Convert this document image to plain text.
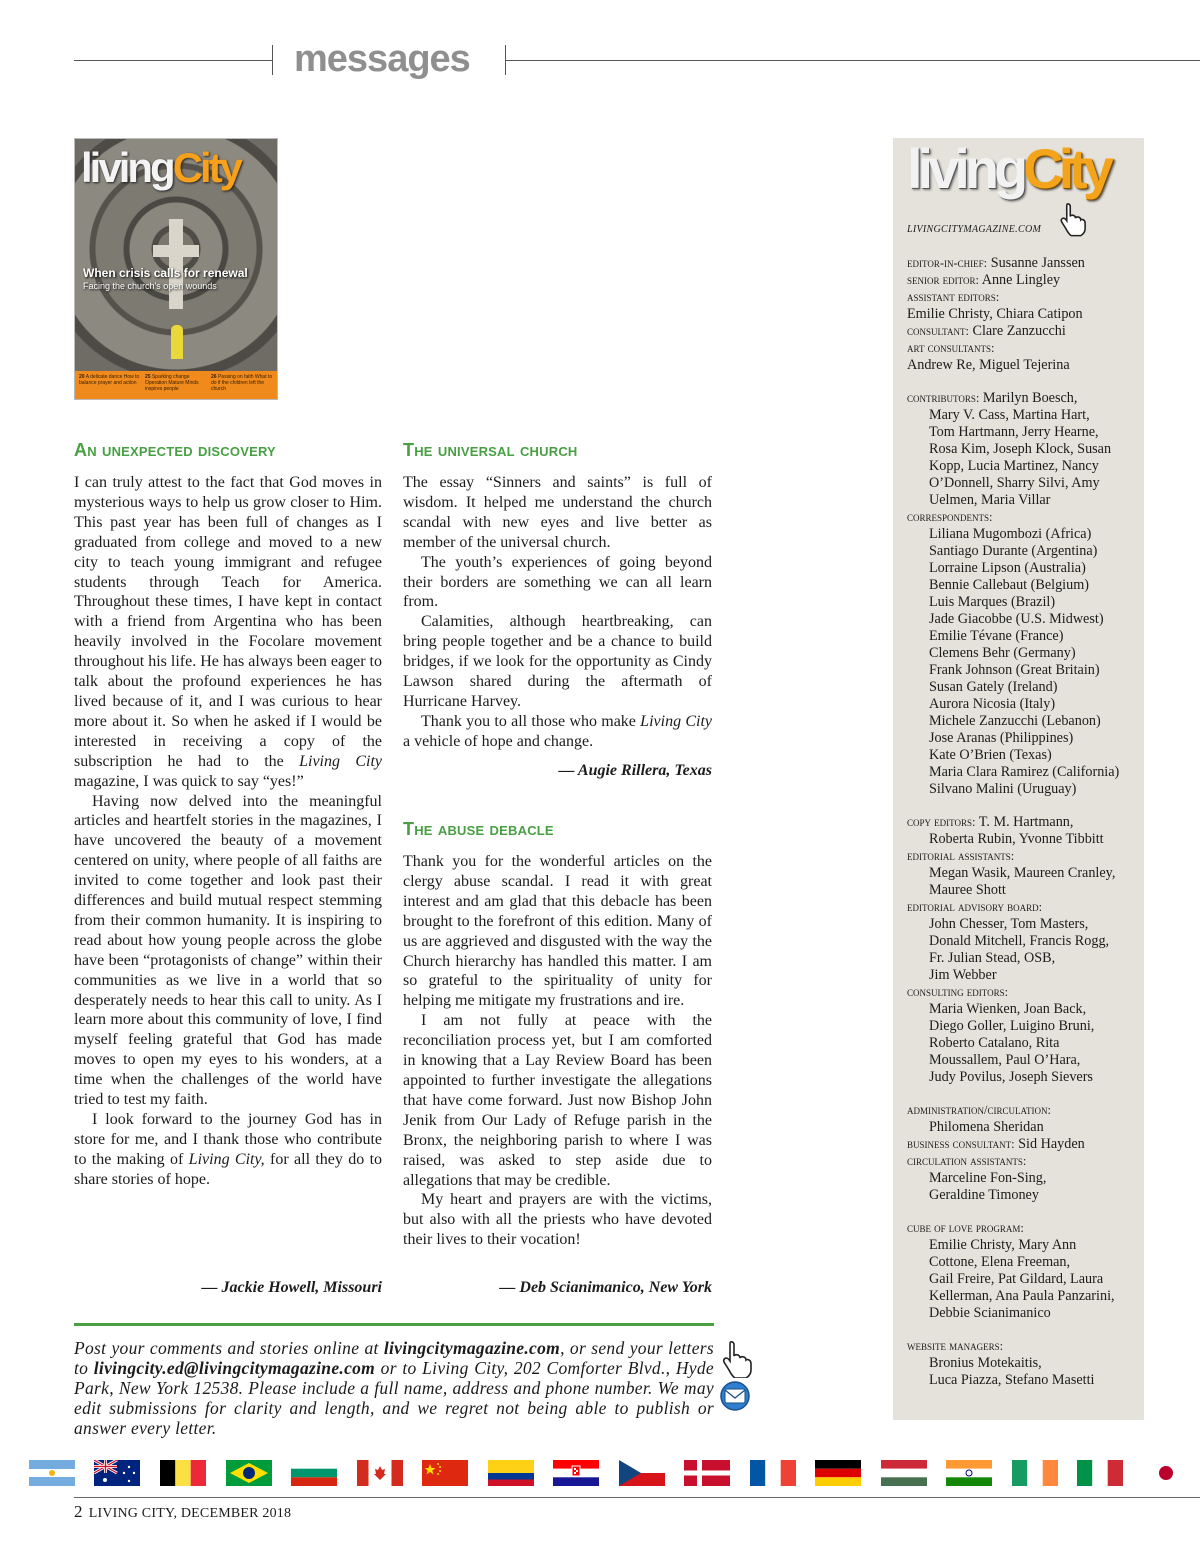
messages
livingCity
When crisis calls for renewal
Facing the church's open wounds
20 A delicate dance How to balance prayer and action
25 Sparking change Operation Mature Minds inspires people
26 Passing on faith What to do if the children left the church
An unexpected discovery

I can truly attest to the fact that God moves in mysterious ways to help us grow closer to Him. This past year has been full of changes as I graduated from college and moved to a new city to teach young immigrant and refugee students through Teach for America. Throughout these times, I have kept in contact with a friend from Argentina who has been heavily involved in the Focolare movement throughout his life. He has always been eager to talk about the profound experiences he has lived because of it, and I was curious to hear more about it. So when he asked if I would be interested in receiving a copy of the subscription he had to the Living City magazine, I was quick to say “yes!”

Having now delved into the meaningful articles and heartfelt stories in the magazines, I have uncovered the beauty of a movement centered on unity, where people of all faiths are invited to come together and look past their differences and build mutual respect stemming from their common humanity. It is inspiring to read about how young people across the globe have been “protagonists of change” within their communities as we live in a world that so desperately needs to hear this call to unity. As I learn more about this community of love, I find myself feeling grateful that God has made moves to open my eyes to his wonders, at a time when the challenges of the world have tried to test my faith.

I look forward to the journey God has in store for me, and I thank those who contribute to the making of Living City, for all they do to share stories of hope.

— Jackie Howell, Missouri
The universal church

The essay “Sinners and saints” is full of wisdom. It helped me understand the church scandal with new eyes and live better as member of the universal church.

The youth’s experiences of going beyond their borders are something we can all learn from.

Calamities, although heartbreaking, can bring people together and be a chance to build bridges, if we look for the opportunity as Cindy Lawson shared during the aftermath of Hurricane Harvey.

Thank you to all those who make Living City a vehicle of hope and change.

— Augie Rillera, Texas
The abuse debacle

Thank you for the wonderful articles on the clergy abuse scandal. I read it with great interest and am glad that this debacle has been brought to the forefront of this edition. Many of us are aggrieved and disgusted with the way the Church hierarchy has handled this matter. I am so grateful to the spirituality of unity for helping me mitigate my frustrations and ire.

I am not fully at peace with the reconciliation process yet, but I am comforted in knowing that a Lay Review Board has been appointed to further investigate the allegations that have come forward. Just now Bishop John Jenik from Our Lady of Refuge parish in the Bronx, the neighboring parish to where I was raised, was asked to step aside due to allegations that may be credible.

My heart and prayers are with the victims, but also with all the priests who have devoted their lives to their vocation!

— Deb Scianimanico, New York
Post your comments and stories online at livingcitymagazine.com, or send your letters to livingcity.ed@livingcitymagazine.com or to Living City, 202 Comforter Blvd., Hyde Park, New York 12538. Please include a full name, address and phone number. We may edit submissions for clarity and length, and we regret not being able to publish or answer every letter.
livingCity
LIVINGCITYMAGAZINE.COM
editor-in-chief: Susanne Janssen
senior editor: Anne Lingley
assistant editors:
Emilie Christy, Chiara Catipon
consultant: Clare Zanzucchi
art consultants:
Andrew Re, Miguel Tejerina
contributors: Marilyn Boesch,
Mary V. Cass, Martina Hart,
Tom Hartmann, Jerry Hearne,
Rosa Kim, Joseph Klock, Susan
Kopp, Lucia Martinez, Nancy
O’Donnell, Sharry Silvi, Amy
Uelmen, Maria Villar
correspondents:
Liliana Mugombozi (Africa)
Santiago Durante (Argentina)
Lorraine Lipson (Australia)
Bennie Callebaut (Belgium)
Luis Marques (Brazil)
Jade Giacobbe (U.S. Midwest)
Emilie Tévane (France)
Clemens Behr (Germany)
Frank Johnson (Great Britain)
Susan Gately (Ireland)
Aurora Nicosia (Italy)
Michele Zanzucchi (Lebanon)
Jose Aranas (Philippines)
Kate O’Brien (Texas)
Maria Clara Ramirez (California)
Silvano Malini (Uruguay)
copy editors: T. M. Hartmann,
Roberta Rubin, Yvonne Tibbitt
editorial assistants:
Megan Wasik, Maureen Cranley,
Mauree Shott
editorial advisory board:
John Chesser, Tom Masters,
Donald Mitchell, Francis Rogg,
Fr. Julian Stead, OSB,
Jim Webber
consulting editors:
Maria Wienken, Joan Back,
Diego Goller, Luigino Bruni,
Roberto Catalano, Rita
Moussallem, Paul O’Hara,
Judy Povilus, Joseph Sievers
administration/circulation:
Philomena Sheridan
business consultant: Sid Hayden
circulation assistants:
Marceline Fon-Sing,
Geraldine Timoney
cube of love program:
Emilie Christy, Mary Ann
Cottone, Elena Freeman,
Gail Freire, Pat Gildard, Laura
Kellerman, Ana Paula Panzarini,
Debbie Scianimanico
website managers:
Bronius Motekaitis,
Luca Piazza, Stefano Masetti
2 LIVING CITY, DECEMBER 2018
